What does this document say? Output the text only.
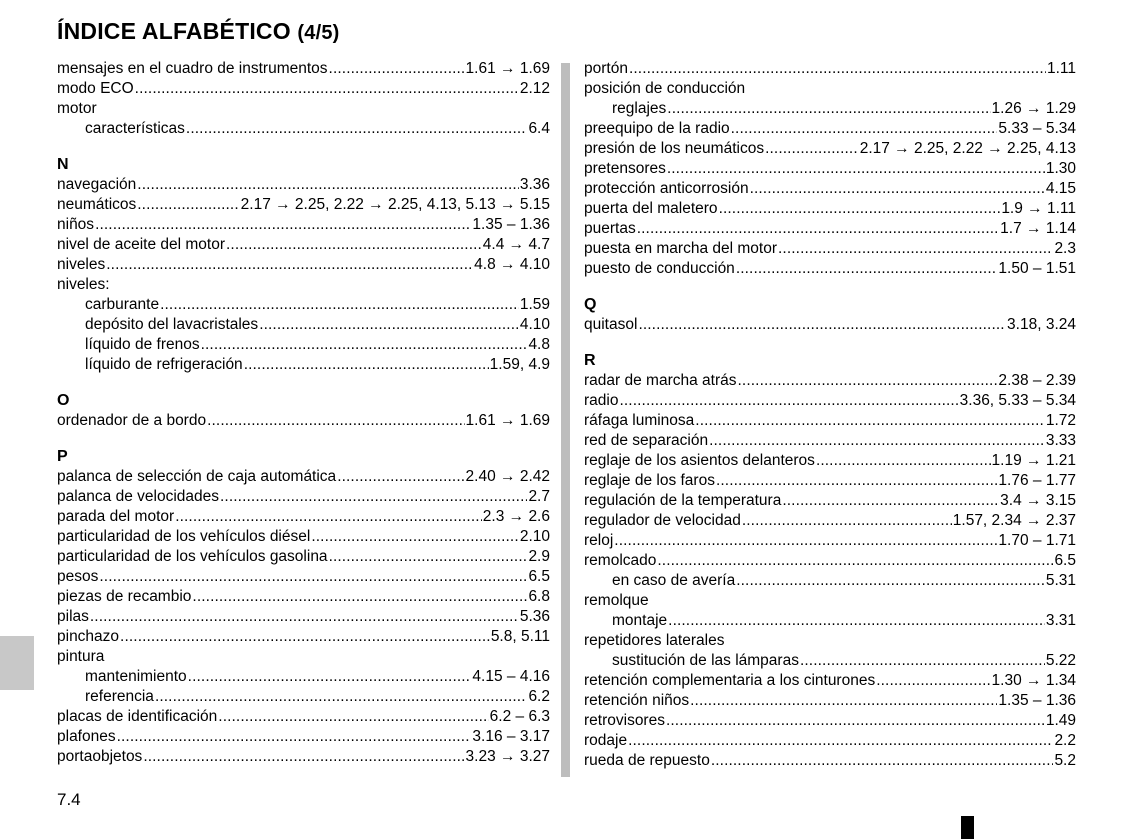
ÍNDICE ALFABÉTICO (4/5)
mensajes en el cuadro de instrumentos . . .	1.61 → 1.69
modo ECO . . .	2.12
motor
características . . .	6.4
N
navegación . . .	3.36
neumáticos . . .	2.17 → 2.25, 2.22 → 2.25, 4.13, 5.13 → 5.15
niños . . .	1.35 – 1.36
nivel de aceite del motor . . .	4.4 → 4.7
niveles . . .	4.8 → 4.10
niveles:
carburante . . .	1.59
depósito del lavacristales . . .	4.10
líquido de frenos . . .	4.8
líquido de refrigeración . . .	1.59, 4.9
O
ordenador de a bordo . . .	1.61 → 1.69
P
palanca de selección de caja automática . . .	2.40 → 2.42
palanca de velocidades . . .	2.7
parada del motor . . .	2.3 → 2.6
particularidad de los vehículos diésel . . .	2.10
particularidad de los vehículos gasolina . . .	2.9
pesos . . .	6.5
piezas de recambio . . .	6.8
pilas . . .	5.36
pinchazo . . .	5.8, 5.11
pintura
mantenimiento . . .	4.15 – 4.16
referencia . . .	6.2
placas de identificación . . .	6.2 – 6.3
plafones . . .	3.16 – 3.17
portaobjetos . . .	3.23 → 3.27
portón . . .	1.11
posición de conducción
reglajes . . .	1.26 → 1.29
preequipo de la radio . . .	5.33 – 5.34
presión de los neumáticos . . .	2.17 → 2.25, 2.22 → 2.25, 4.13
pretensores . . .	1.30
protección anticorrosión . . .	4.15
puerta del maletero . . .	1.9 → 1.11
puertas . . .	1.7 → 1.14
puesta en marcha del motor . . .	2.3
puesto de conducción . . .	1.50 – 1.51
Q
quitasol . . .	3.18, 3.24
R
radar de marcha atrás . . .	2.38 – 2.39
radio . . .	3.36, 5.33 – 5.34
ráfaga luminosa . . .	1.72
red de separación . . .	3.33
reglaje de los asientos delanteros . . .	1.19 → 1.21
reglaje de los faros . . .	1.76 – 1.77
regulación de la temperatura . . .	3.4 → 3.15
regulador de velocidad . . .	1.57, 2.34 → 2.37
reloj . . .	1.70 – 1.71
remolcado . . .	6.5
en caso de avería . . .	5.31
remolque
montaje . . .	3.31
repetidores laterales
sustitución de las lámparas . . .	5.22
retención complementaria a los cinturones . . .	1.30 → 1.34
retención niños . . .	1.35 – 1.36
retrovisores . . .	1.49
rodaje . . .	2.2
rueda de repuesto . . .	5.2
7.4
